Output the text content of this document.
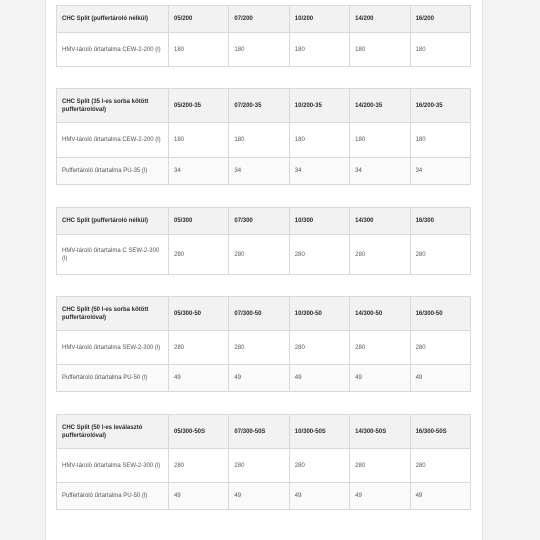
CHC Split (puffertároló nélkül)	05/200	07/200	10/200	14/200	16/200
HMV-tároló űrtartalma CEW-2-200 (l)	180	180	180	180	180
CHC Split (35 l-es sorba kötött puffertárolóval)	05/200-35	07/200-35	10/200-35	14/200-35	16/200-35
HMV-tároló űrtartalma CEW-2-200 (l)	180	180	180	180	180
Puffertároló űrtartalma PU-35 (l)	34	34	34	34	34
CHC Split (puffertároló nélkül)	05/300	07/300	10/300	14/300	16/300
HMV-tároló űrtartalma C SEW-2-300 (l)	280	280	280	280	280
CHC Split (50 l-es sorba kötött puffertárolóval)	05/300-50	07/300-50	10/300-50	14/300-50	16/300-50
HMV-tároló űrtartalma SEW-2-300 (l)	280	280	280	280	280
Puffertároló űrtartalma PU-50 (l)	49	49	49	49	49
CHC Split (50 l-es leválasztó puffertárolóval)	05/300-50S	07/300-50S	10/300-50S	14/300-50S	16/300-50S
HMV-tároló űrtartalma SEW-2-300 (l)	280	280	280	280	280
Puffertároló űrtartalma PU-50 (l)	49	49	49	49	49
